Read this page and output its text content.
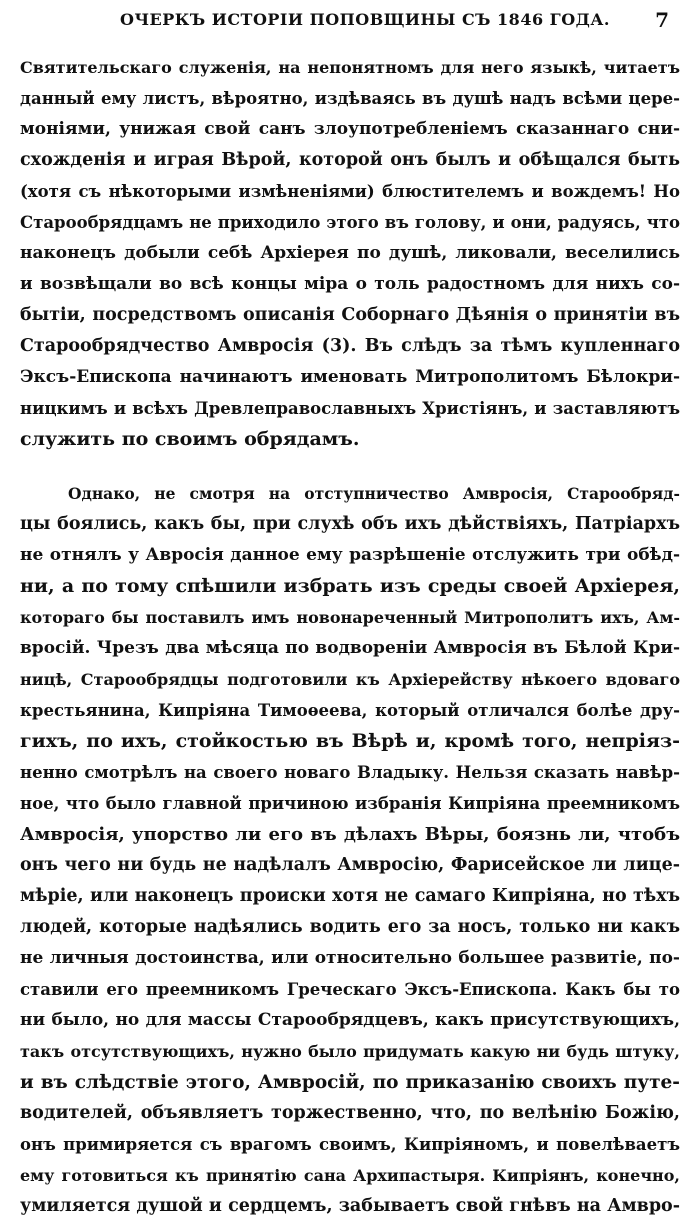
ОЧЕРКЪ ИСТОРІИ ПОПОВЩИНЫ СЪ 1846 ГОДА. 7
Святительскаго служенія, на непонятномъ для него языкѣ, читаетъ
данный ему листъ, вѣроятно, издѣваясь въ душѣ надъ всѣми цере-
моніями, унижая свой санъ злоупотребленіемъ сказаннаго сни-
схожденія и играя Вѣрой, которой онъ былъ и обѣщался быть
(хотя съ нѣкоторыми измѣненіями) блюстителемъ и вождемъ! Но
Старообрядцамъ не приходило этого въ голову, и они, радуясь, что
наконецъ добыли себѣ Архіерея по душѣ, ликовали, веселились
и возвѣщали во всѣ концы міра о толь радостномъ для нихъ со-
бытіи, посредствомъ описанія Соборнаго Дѣянія о принятіи въ
Старообрядчество Амвросія (3). Въ слѣдъ за тѣмъ купленнаго
Эксъ-Епископа начинаютъ именовать Митрополитомъ Бѣлокри-
ницкимъ и всѣхъ Древлеправославныхъ Христіянъ, и заставляютъ
служить по своимъ обрядамъ.
Однако, не смотря на отступничество Амвросія, Старообряд-
цы боялись, какъ бы, при слухѣ объ ихъ дѣйствіяхъ, Патріархъ
не отнялъ у Авросія данное ему разрѣшеніе отслужить три обѣд-
ни, а по тому спѣшили избрать изъ среды своей Архіерея,
котораго бы поставилъ имъ новонареченный Митрополитъ ихъ, Ам-
вросій. Чрезъ два мѣсяца по водвореніи Амвросія въ Бѣлой Кри-
ницѣ, Старообрядцы подготовили къ Архіерейству нѣкоего вдоваго
крестьянина, Кипріяна Тимоѳеева, который отличался болѣе дру-
гихъ, по ихъ, стойкостью въ Вѣрѣ и, кромѣ того, непріяз-
ненно смотрѣлъ на своего новаго Владыку. Нельзя сказать навѣр-
ное, что было главной причиною избранія Кипріяна преемникомъ
Амвросія, упорство ли его въ дѣлахъ Вѣры, боязнь ли, чтобъ
онъ чего ни будь не надѣлалъ Амвросію, Фарисейское ли лице-
мѣріе, или наконецъ происки хотя не самаго Кипріяна, но тѣхъ
людей, которые надѣялись водить его за носъ, только ни какъ
не личныя достоинства, или относительно большее развитіе, по-
ставили его преемникомъ Греческаго Эксъ-Епископа. Какъ бы то
ни было, но для массы Старообрядцевъ, какъ присутствующихъ,
такъ отсутствующихъ, нужно было придумать какую ни будь штуку,
и въ слѣдствіе этого, Амвросій, по приказанію своихъ путе-
водителей, объявляетъ торжественно, что, по велѣнію Божію,
онъ примиряется съ врагомъ своимъ, Кипріяномъ, и повелѣваетъ
ему готовиться къ принятію сана Архипастыря. Кипріянъ, конечно,
умиляется душой и сердцемъ, забываетъ свой гнѣвъ на Амвро-
